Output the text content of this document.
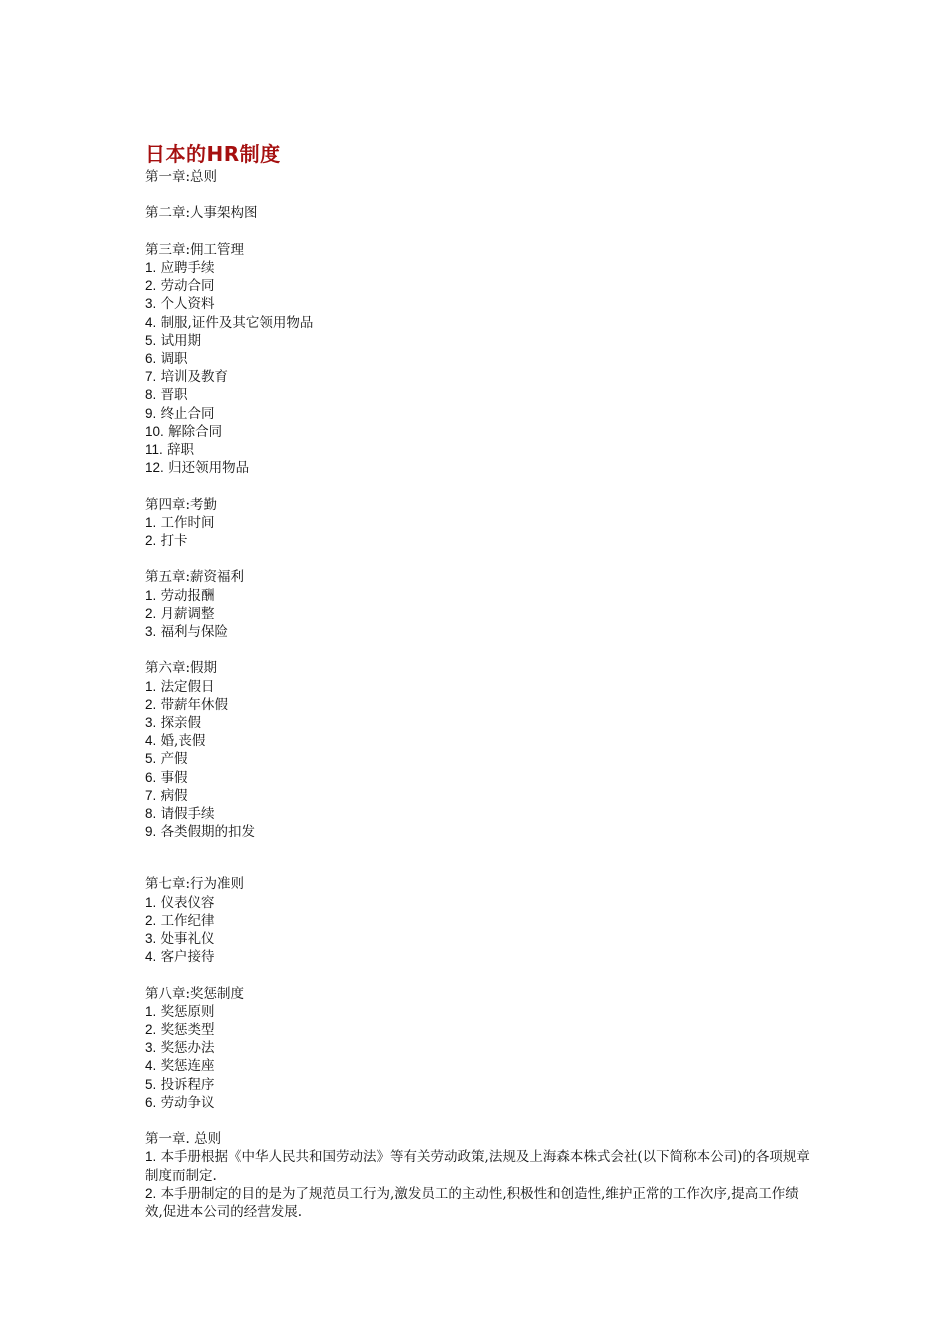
日本的HR制度
第一章:总则
第二章:人事架构图
第三章:佣工管理
1. 应聘手续
2. 劳动合同
3. 个人资料
4. 制服,证件及其它领用物品
5. 试用期
6. 调职
7. 培训及教育
8. 晋职
9. 终止合同
10. 解除合同
11. 辞职
12. 归还领用物品
第四章:考勤
1. 工作时间
2. 打卡
第五章:薪资福利
1. 劳动报酬
2. 月薪调整
3. 福利与保险
第六章:假期
1. 法定假日
2. 带薪年休假
3. 探亲假
4. 婚,丧假
5. 产假
6. 事假
7. 病假
8. 请假手续
9. 各类假期的扣发
第七章:行为准则
1. 仪表仪容
2. 工作纪律
3. 处事礼仪
4. 客户接待
第八章:奖惩制度
1. 奖惩原则
2. 奖惩类型
3. 奖惩办法
4. 奖惩连座
5. 投诉程序
6. 劳动争议
第一章. 总则
1. 本手册根据《中华人民共和国劳动法》等有关劳动政策,法规及上海森本株式会社(以下简称本公司)的各项规章制度而制定.
2. 本手册制定的目的是为了规范员工行为,激发员工的主动性,积极性和创造性,维护正常的工作次序,提高工作绩效,促进本公司的经营发展.
